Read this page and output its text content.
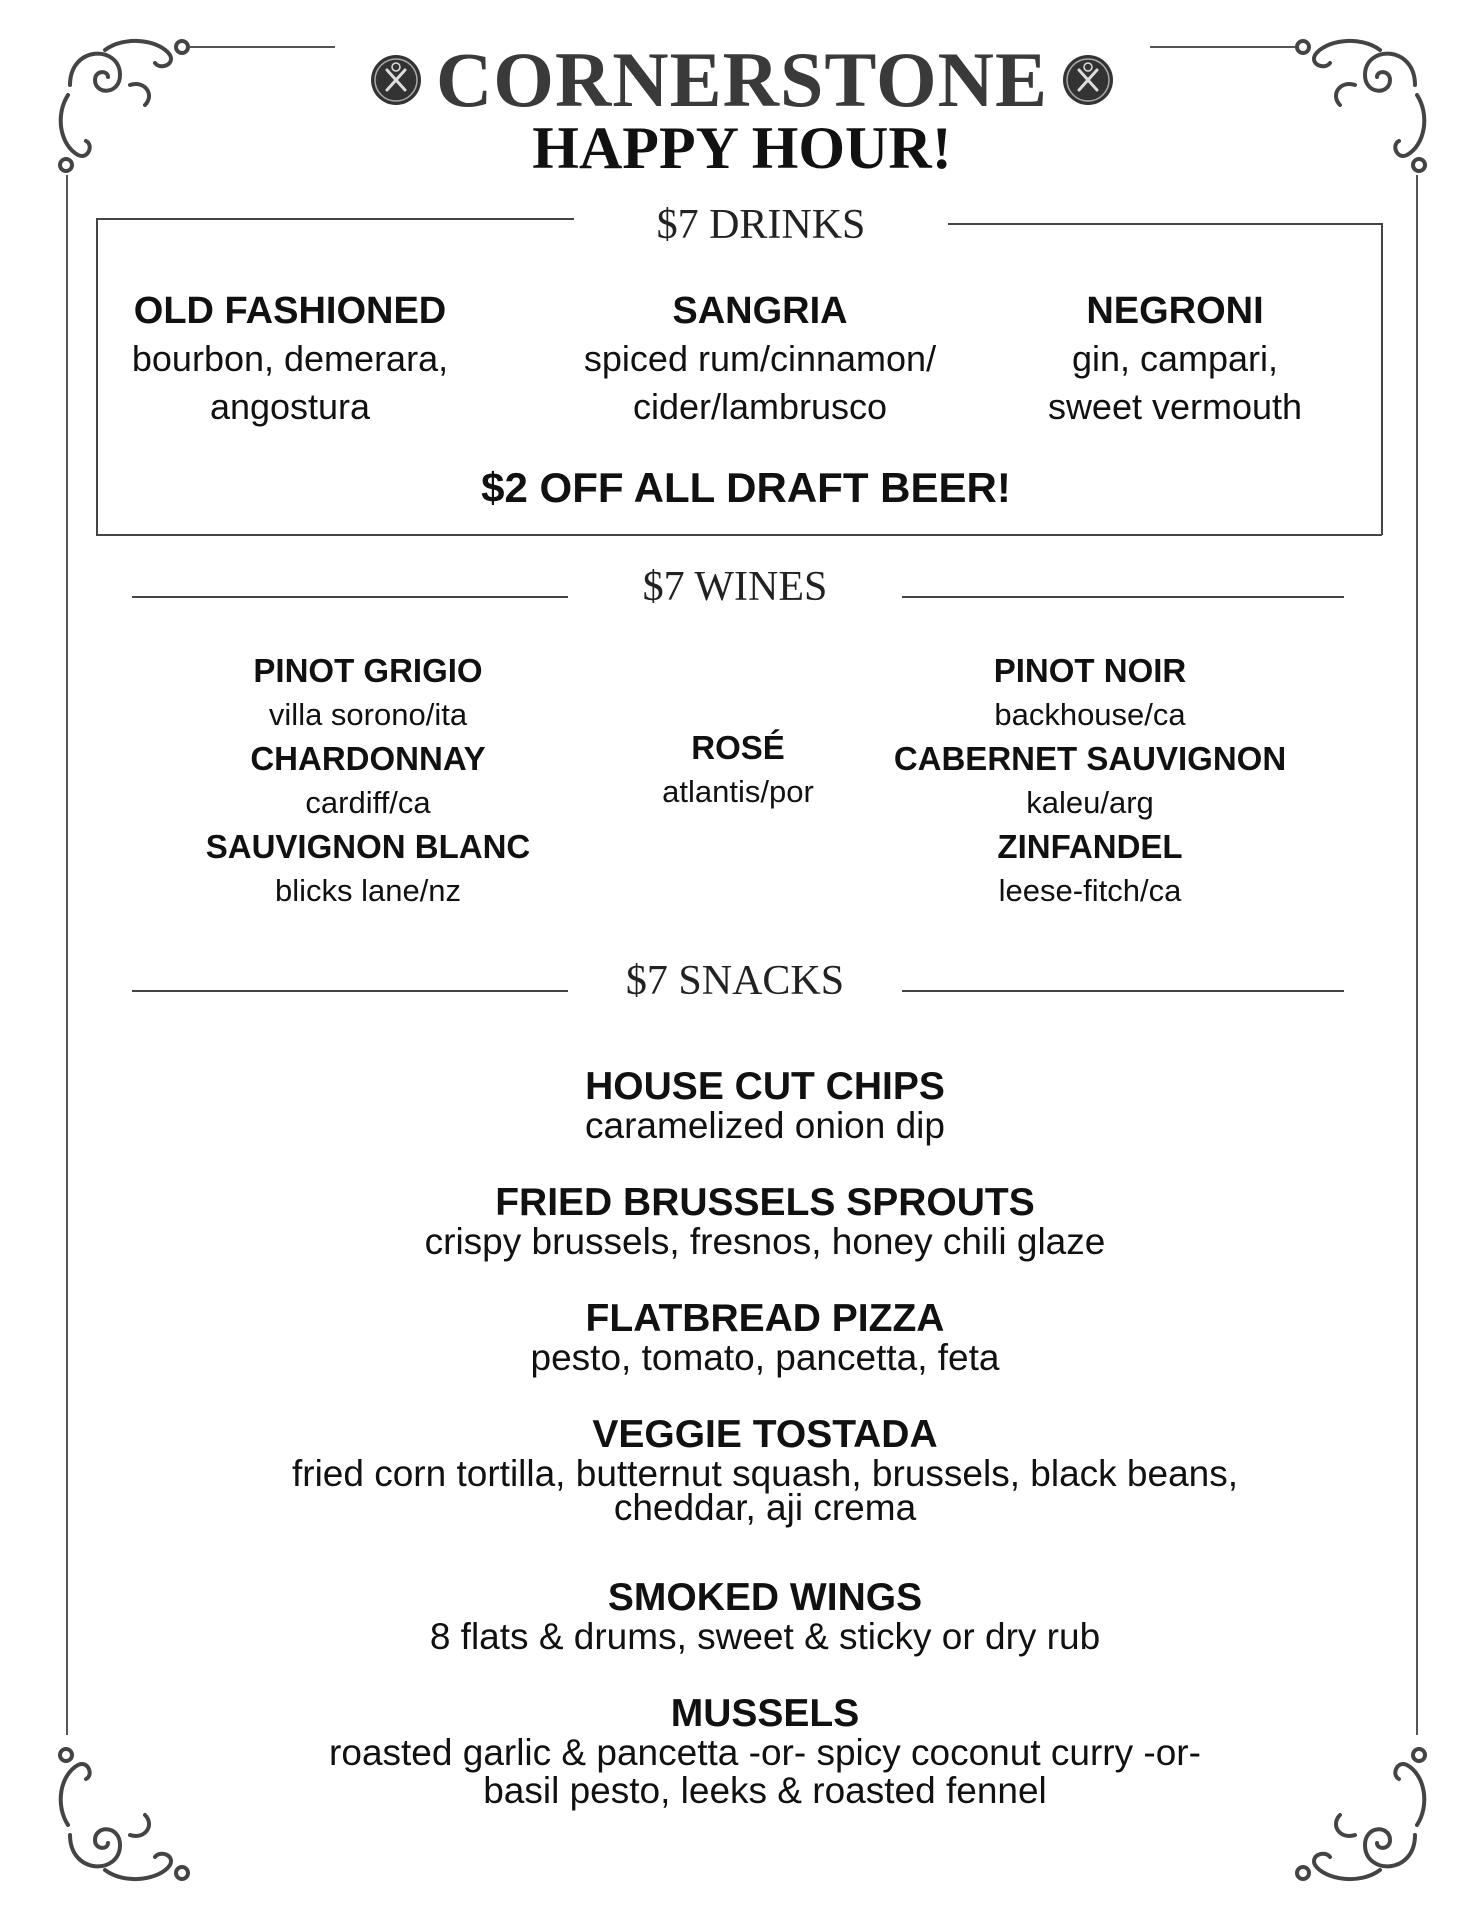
CORNERSTONE
HAPPY HOUR!
$7 DRINKS
OLD FASHIONED
bourbon, demerara,
angostura
SANGRIA
spiced rum/cinnamon/
cider/lambrusco
NEGRONI
gin, campari,
sweet vermouth
$2 OFF ALL DRAFT BEER!
$7 WINES
PINOT GRIGIO
villa sorono/ita
CHARDONNAY
cardiff/ca
SAUVIGNON BLANC
blicks lane/nz
ROSÉ
atlantis/por
PINOT NOIR
backhouse/ca
CABERNET SAUVIGNON
kaleu/arg
ZINFANDEL
leese-fitch/ca
$7 SNACKS
HOUSE CUT CHIPS
caramelized onion dip
FRIED BRUSSELS SPROUTS
crispy brussels, fresnos, honey chili glaze
FLATBREAD PIZZA
pesto, tomato, pancetta, feta
VEGGIE TOSTADA
fried corn tortilla, butternut squash, brussels, black beans,
cheddar, aji crema
SMOKED WINGS
8 flats & drums, sweet & sticky or dry rub
MUSSELS
roasted garlic & pancetta -or- spicy coconut curry -or-
basil pesto, leeks & roasted fennel
